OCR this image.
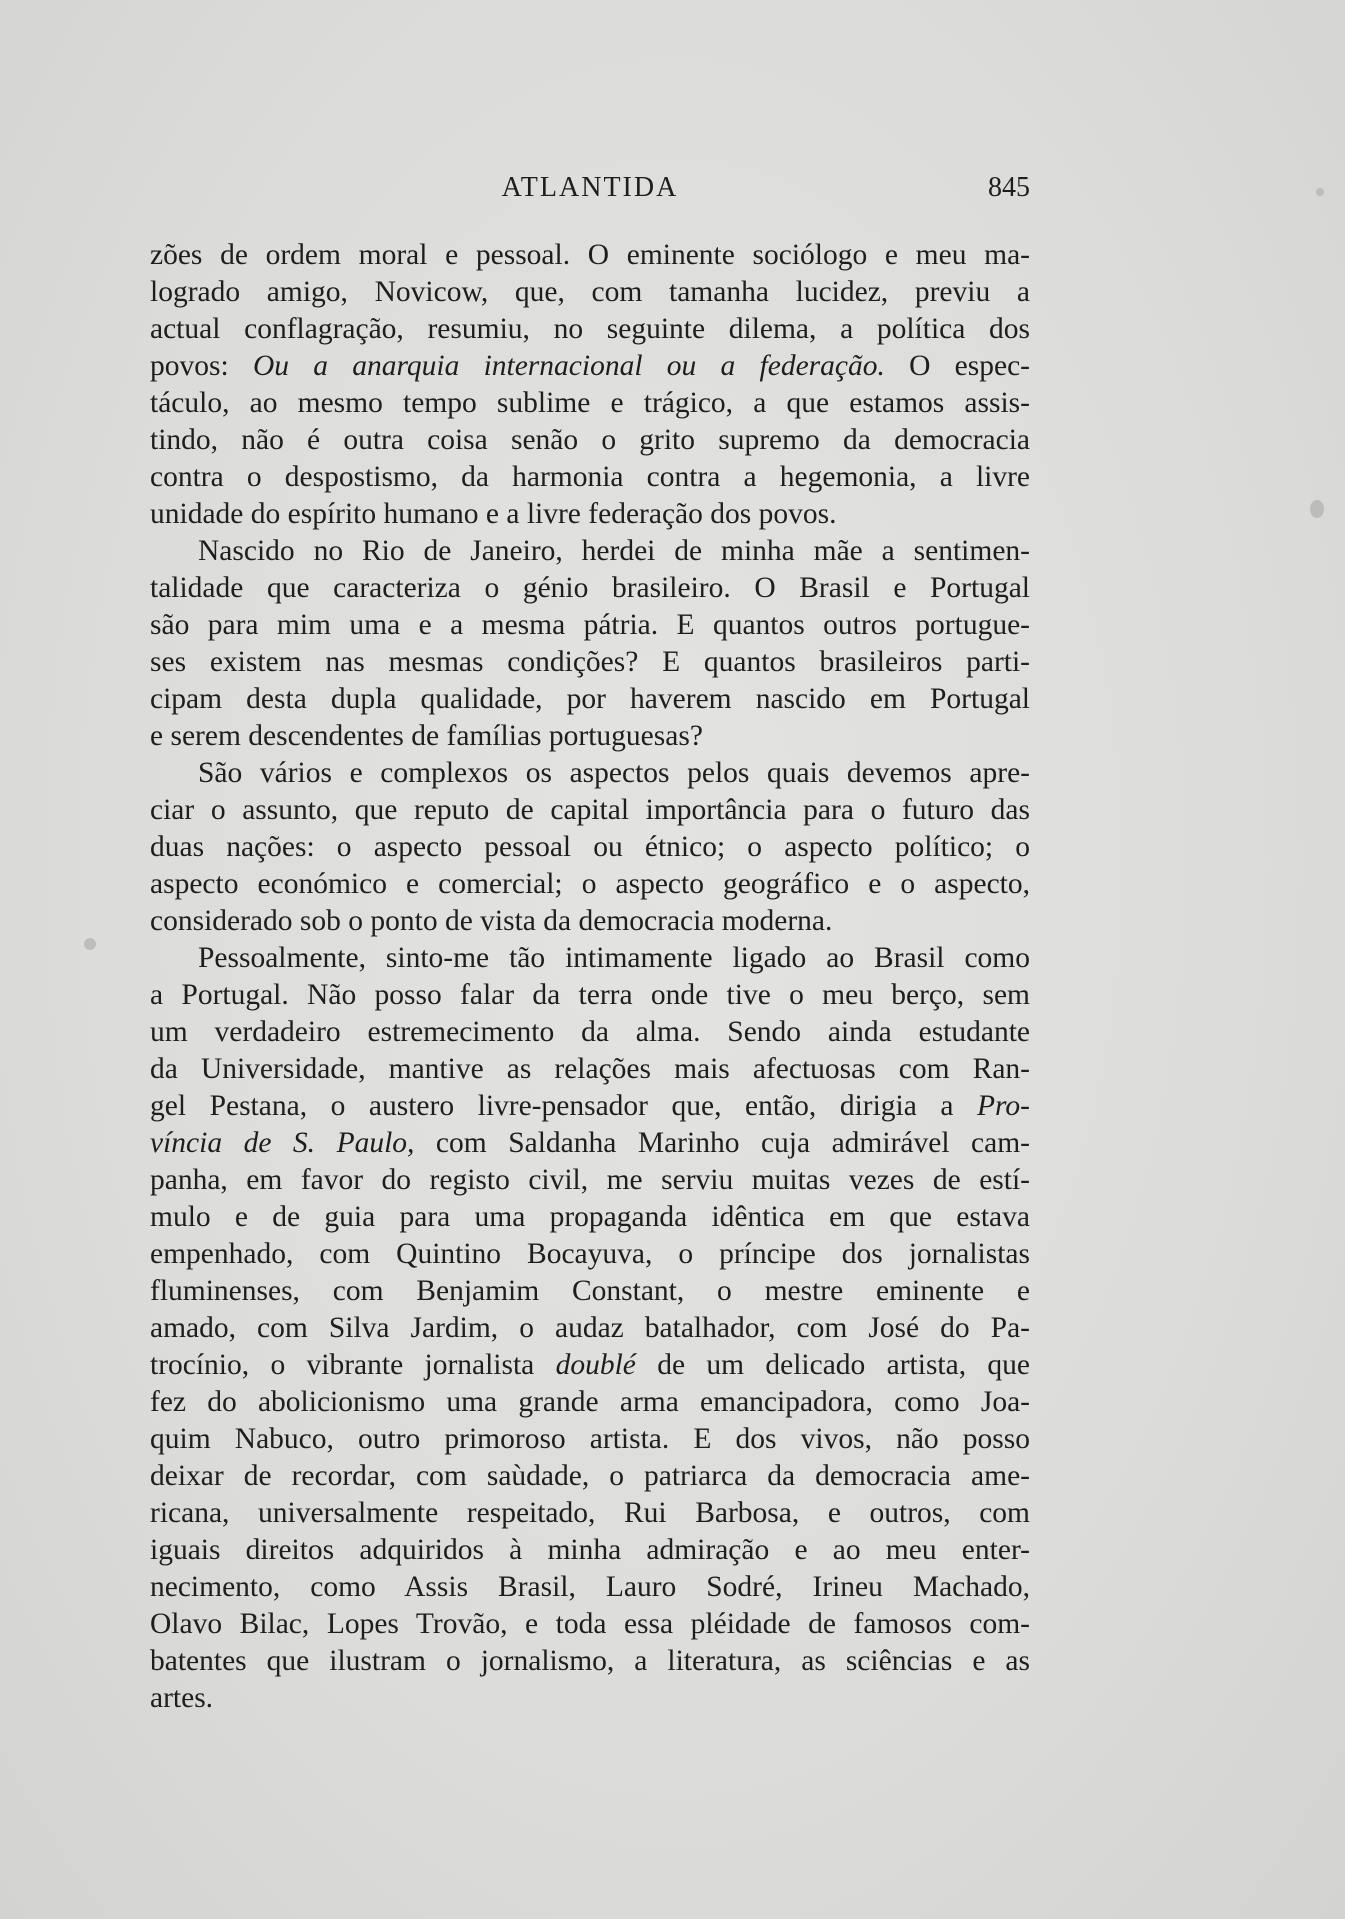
ATLANTIDA	845
zões de ordem moral e pessoal. O eminente sociólogo e meu ma-
logrado amigo, Novicow, que, com tamanha lucidez, previu a
actual conflagração, resumiu, no seguinte dilema, a política dos
povos: Ou a anarquia internacional ou a federação. O espec-
táculo, ao mesmo tempo sublime e trágico, a que estamos assis-
tindo, não é outra coisa senão o grito supremo da democracia
contra o despostismo, da harmonia contra a hegemonia, a livre
unidade do espírito humano e a livre federação dos povos.
Nascido no Rio de Janeiro, herdei de minha mãe a sentimen-
talidade que caracteriza o génio brasileiro. O Brasil e Portugal
são para mim uma e a mesma pátria. E quantos outros portugue-
ses existem nas mesmas condições? E quantos brasileiros parti-
cipam desta dupla qualidade, por haverem nascido em Portugal
e serem descendentes de famílias portuguesas?
São vários e complexos os aspectos pelos quais devemos apre-
ciar o assunto, que reputo de capital importância para o futuro das
duas nações: o aspecto pessoal ou étnico; o aspecto político; o
aspecto económico e comercial; o aspecto geográfico e o aspecto,
considerado sob o ponto de vista da democracia moderna.
Pessoalmente, sinto-me tão intimamente ligado ao Brasil como
a Portugal. Não posso falar da terra onde tive o meu berço, sem
um verdadeiro estremecimento da alma. Sendo ainda estudante
da Universidade, mantive as relações mais afectuosas com Ran-
gel Pestana, o austero livre-pensador que, então, dirigia a Pro-
víncia de S. Paulo, com Saldanha Marinho cuja admirável cam-
panha, em favor do registo civil, me serviu muitas vezes de estí-
mulo e de guia para uma propaganda idêntica em que estava
empenhado, com Quintino Bocayuva, o príncipe dos jornalistas
fluminenses, com Benjamim Constant, o mestre eminente e
amado, com Silva Jardim, o audaz batalhador, com José do Pa-
trocínio, o vibrante jornalista doublé de um delicado artista, que
fez do abolicionismo uma grande arma emancipadora, como Joa-
quim Nabuco, outro primoroso artista. E dos vivos, não posso
deixar de recordar, com saùdade, o patriarca da democracia ame-
ricana, universalmente respeitado, Rui Barbosa, e outros, com
iguais direitos adquiridos à minha admiração e ao meu enter-
necimento, como Assis Brasil, Lauro Sodré, Irineu Machado,
Olavo Bilac, Lopes Trovão, e toda essa pléidade de famosos com-
batentes que ilustram o jornalismo, a literatura, as sciências e as
artes.
